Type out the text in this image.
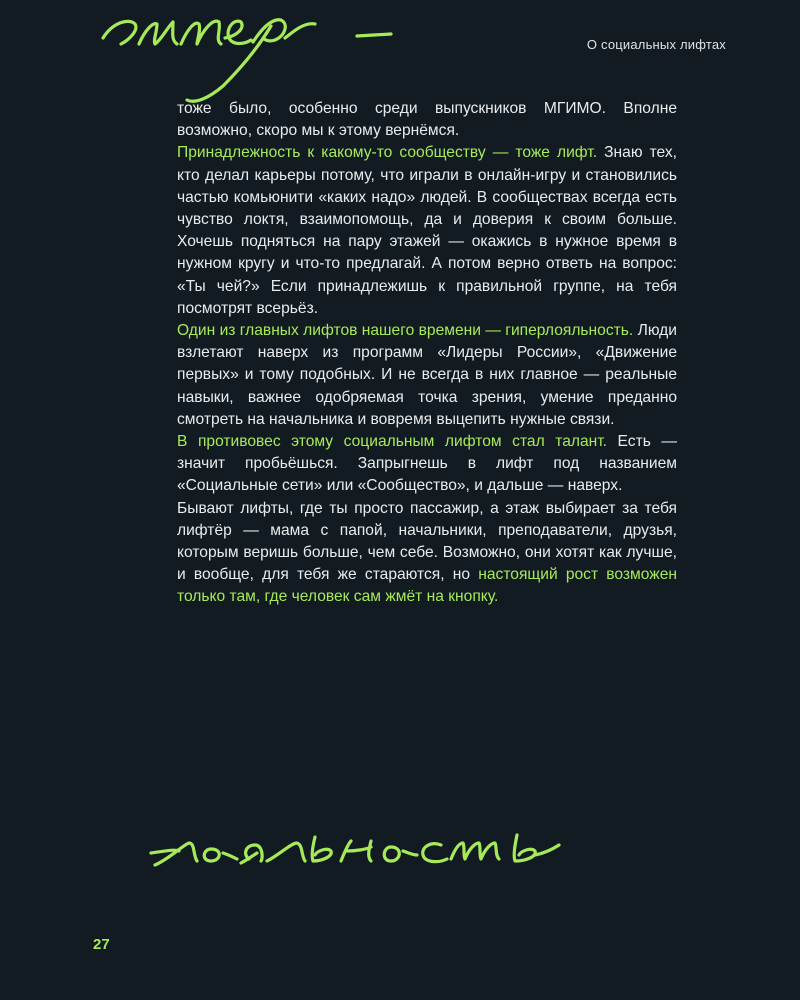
О социальных лифтах

тоже было, особенно среди выпускников МГИМО. Вполне возможно, скоро мы к этому вернёмся.

Принадлежность к какому-то сообществу — тоже лифт. Знаю тех, кто делал карьеры потому, что играли в онлайн-игру и становились частью комьюнити «каких надо» людей. В сообществах всегда есть чувство локтя, взаимопомощь, да и доверия к своим больше. Хочешь подняться на пару этажей — окажись в нужное время в нужном кругу и что-то предлагай. А потом верно ответь на вопрос: «Ты чей?» Если принадлежишь к правильной группе, на тебя посмотрят всерьёз.

Один из главных лифтов нашего времени — гиперлояльность. Люди взлетают наверх из программ «Лидеры России», «Движение первых» и тому подобных. И не всегда в них главное — реальные навыки, важнее одобряемая точка зрения, умение преданно смотреть на начальника и вовремя выцепить нужные связи.

В противовес этому социальным лифтом стал талант. Есть — значит пробьёшься. Запрыгнешь в лифт под названием «Социальные сети» или «Сообщество», и дальше — наверх.

Бывают лифты, где ты просто пассажир, а этаж выбирает за тебя лифтёр — мама с папой, начальники, преподаватели, друзья, которым веришь больше, чем себе. Возможно, они хотят как лучше, и вообще, для тебя же стараются, но настоящий рост возможен только там, где человек сам жмёт на кнопку.

27
